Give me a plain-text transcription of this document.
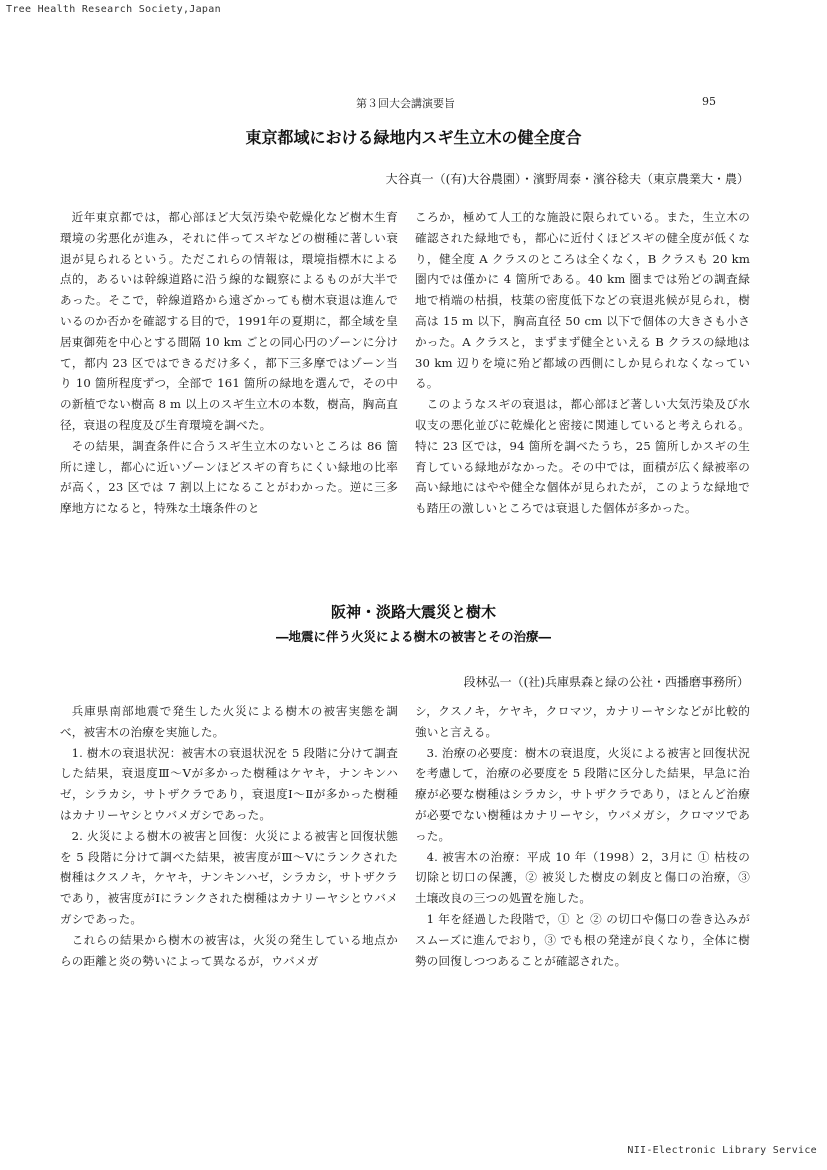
Tree Health Research Society,Japan
第３回大会講演要旨	95
東京都域における緑地内スギ生立木の健全度合
大谷真一（(有)大谷農園）・濱野周泰・濱谷稔夫（東京農業大・農）

近年東京都では，都心部ほど大気汚染や乾燥化など樹木生育環境の劣悪化が進み，それに伴ってスギなどの樹種に著しい衰退が見られるという。ただこれらの情報は，環境指標木による点的，あるいは幹線道路に沿う線的な観察によるものが大半であった。そこで，幹線道路から遠ざかっても樹木衰退は進んでいるのか否かを確認する目的で，1991年の夏期に，都全域を皇居東御苑を中心とする間隔 10 km ごとの同心円のゾーンに分けて，都内 23 区ではできるだけ多く，都下三多摩ではゾーン当り 10 箇所程度ずつ，全部で 161 箇所の緑地を選んで，その中の新植でない樹高 8 m 以上のスギ生立木の本数，樹高，胸高直径，衰退の程度及び生育環境を調べた。

その結果，調査条件に合うスギ生立木のないところは 86 箇所に達し，都心に近いゾーンほどスギの育ちにくい緑地の比率が高く，23 区では 7 割以上になることがわかった。逆に三多摩地方になると，特殊な土壌条件のと

ころか，極めて人工的な施設に限られている。また，生立木の確認された緑地でも，都心に近付くほどスギの健全度が低くなり，健全度 A クラスのところは全くなく，B クラスも 20 km 圏内では僅かに 4 箇所である。40 km 圏までは殆どの調査緑地で梢端の枯損，枝葉の密度低下などの衰退兆候が見られ，樹高は 15 m 以下，胸高直径 50 cm 以下で個体の大きさも小さかった。A クラスと，まずまず健全といえる B クラスの緑地は 30 km 辺りを境に殆ど都域の西側にしか見られなくなっている。

このようなスギの衰退は，都心部ほど著しい大気汚染及び水収支の悪化並びに乾燥化と密接に関連していると考えられる。特に 23 区では，94 箇所を調べたうち，25 箇所しかスギの生育している緑地がなかった。その中では，面積が広く緑被率の高い緑地にはやや健全な個体が見られたが，このような緑地でも踏圧の激しいところでは衰退した個体が多かった。

阪神・淡路大震災と樹木
―地震に伴う火災による樹木の被害とその治療―
段林弘一（(社)兵庫県森と緑の公社・西播磨事務所）

兵庫県南部地震で発生した火災による樹木の被害実態を調べ，被害木の治療を実施した。

1. 樹木の衰退状況：被害木の衰退状況を 5 段階に分けて調査した結果，衰退度Ⅲ～Ⅴが多かった樹種はケヤキ，ナンキンハゼ，シラカシ，サトザクラであり，衰退度Ⅰ～Ⅱが多かった樹種はカナリーヤシとウバメガシであった。

2. 火災による樹木の被害と回復：火災による被害と回復状態を 5 段階に分けて調べた結果，被害度がⅢ～Ⅴにランクされた樹種はクスノキ，ケヤキ，ナンキンハゼ，シラカシ，サトザクラであり，被害度がⅠにランクされた樹種はカナリーヤシとウバメガシであった。

これらの結果から樹木の被害は，火災の発生している地点からの距離と炎の勢いによって異なるが，ウバメガ

シ，クスノキ，ケヤキ，クロマツ，カナリーヤシなどが比較的強いと言える。

3. 治療の必要度：樹木の衰退度，火災による被害と回復状況を考慮して，治療の必要度を 5 段階に区分した結果，早急に治療が必要な樹種はシラカシ，サトザクラであり，ほとんど治療が必要でない樹種はカナリーヤシ，ウバメガシ，クロマツであった。

4. 被害木の治療：平成 10 年（1998）2，3月に ① 枯枝の切除と切口の保護，② 被災した樹皮の剝皮と傷口の治療，③ 土壌改良の三つの処置を施した。

1 年を経過した段階で，① と ② の切口や傷口の巻き込みがスムーズに進んでおり，③ でも根の発達が良くなり，全体に樹勢の回復しつつあることが確認された。

NII-Electronic Library Service
